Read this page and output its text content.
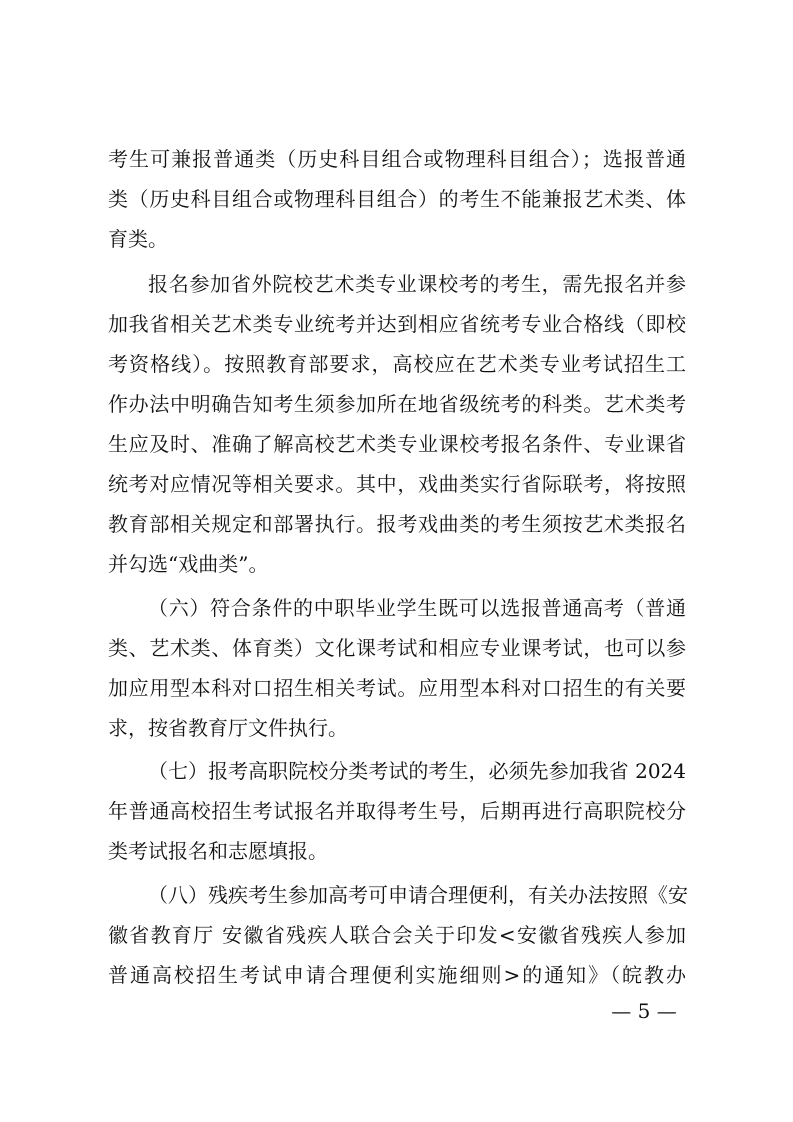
考生可兼报普通类（历史科目组合或物理科目组合）；选报普通
类（历史科目组合或物理科目组合）的考生不能兼报艺术类、体
育类。
报名参加省外院校艺术类专业课校考的考生，需先报名并参
加我省相关艺术类专业统考并达到相应省统考专业合格线（即校
考资格线）。按照教育部要求，高校应在艺术类专业考试招生工
作办法中明确告知考生须参加所在地省级统考的科类。艺术类考
生应及时、准确了解高校艺术类专业课校考报名条件、专业课省
统考对应情况等相关要求。其中，戏曲类实行省际联考，将按照
教育部相关规定和部署执行。报考戏曲类的考生须按艺术类报名
并勾选“戏曲类”。
（六）符合条件的中职毕业学生既可以选报普通高考（普通
类、艺术类、体育类）文化课考试和相应专业课考试，也可以参
加应用型本科对口招生相关考试。应用型本科对口招生的有关要
求，按省教育厅文件执行。
（七）报考高职院校分类考试的考生，必须先参加我省 2024
年普通高校招生考试报名并取得考生号，后期再进行高职院校分
类考试报名和志愿填报。
（八）残疾考生参加高考可申请合理便利，有关办法按照《安
徽省教育厅 安徽省残疾人联合会关于印发<安徽省残疾人参加
普通高校招生考试申请合理便利实施细则>的通知》（皖教办
— 5 —
